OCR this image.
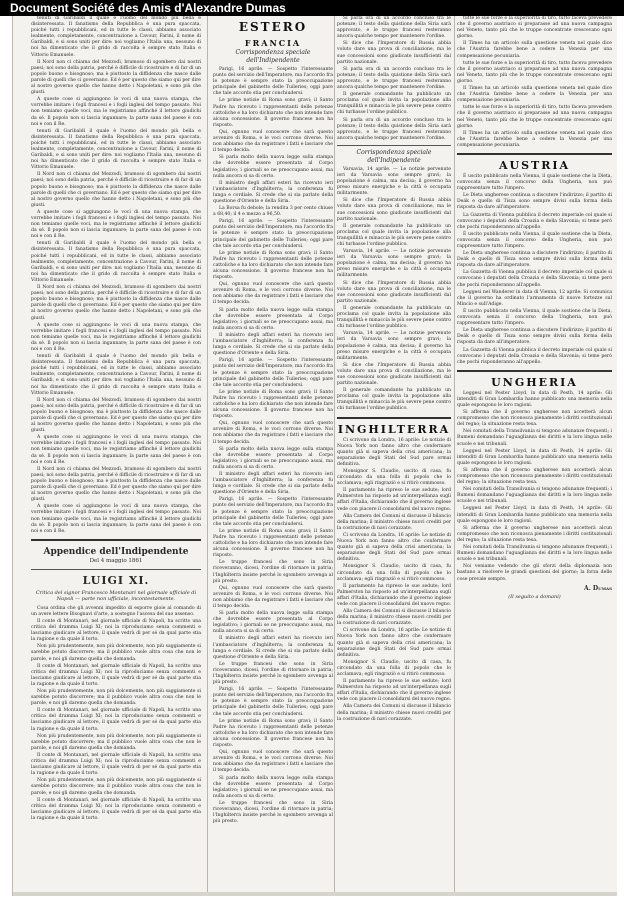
Document Société des Amis d'Alexandre Dumas

tenuti di Garibaldi il quale è l'uomo del mondo più bella e disinteressata. Il fanatismo della Repubblica è una pura spaccata, poiché tutti i repubblicani, ed in tutte le classi, abbiamo associato lealmente, completamente, concentrazione a Cavour, Farini, il nome di Garibaldi, e si sono uniti per dire: noi vogliamo l'Italia una, nessuno di noi ha dimenticato che il grido di raccolta è sempre stato Italia e Vittorio Emanuele.

Il Nord non ci chiama del Mezzodì, bramoso di sgombero dai nostri paesi; noi sono della patria, perché è difficile di ricostruire e di far di un popolo buono e bisognoso; ma è piuttosto la diffidenza che nasce dalle parole di quelli che ci governano. Ed è per questo che siamo qui per dire al nostro governo quello che hanno detto i Napoletani, e sono più che giusti.

A queste cose si aggiungono le voci di una nuova stampa, che vorrebbe imitare i fogli francesi e i fogli inglesi del tempo passato. Noi non temiamo quelle voci, ma le registriamo affinché il lettore giudichi da sé. Il popolo non si lascia ingannare; la parte sana del paese è con noi e con il Re.

tenuti di Garibaldi il quale è l'uomo del mondo più bella e disinteressata. Il fanatismo della Repubblica è una pura spaccata, poiché tutti i repubblicani, ed in tutte le classi, abbiamo associato lealmente, completamente, concentrazione a Cavour, Farini, il nome di Garibaldi, e si sono uniti per dire: noi vogliamo l'Italia una, nessuno di noi ha dimenticato che il grido di raccolta è sempre stato Italia e Vittorio Emanuele.

Il Nord non ci chiama del Mezzodì, bramoso di sgombero dai nostri paesi; noi sono della patria, perché è difficile di ricostruire e di far di un popolo buono e bisognoso; ma è piuttosto la diffidenza che nasce dalle parole di quelli che ci governano. Ed è per questo che siamo qui per dire al nostro governo quello che hanno detto i Napoletani, e sono più che giusti.

A queste cose si aggiungono le voci di una nuova stampa, che vorrebbe imitare i fogli francesi e i fogli inglesi del tempo passato. Noi non temiamo quelle voci, ma le registriamo affinché il lettore giudichi da sé. Il popolo non si lascia ingannare; la parte sana del paese è con noi e con il Re.

tenuti di Garibaldi il quale è l'uomo del mondo più bella e disinteressata. Il fanatismo della Repubblica è una pura spaccata, poiché tutti i repubblicani, ed in tutte le classi, abbiamo associato lealmente, completamente, concentrazione a Cavour, Farini, il nome di Garibaldi, e si sono uniti per dire: noi vogliamo l'Italia una, nessuno di noi ha dimenticato che il grido di raccolta è sempre stato Italia e Vittorio Emanuele.

Il Nord non ci chiama del Mezzodì, bramoso di sgombero dai nostri paesi; noi sono della patria, perché è difficile di ricostruire e di far di un popolo buono e bisognoso; ma è piuttosto la diffidenza che nasce dalle parole di quelli che ci governano. Ed è per questo che siamo qui per dire al nostro governo quello che hanno detto i Napoletani, e sono più che giusti.

A queste cose si aggiungono le voci di una nuova stampa, che vorrebbe imitare i fogli francesi e i fogli inglesi del tempo passato. Noi non temiamo quelle voci, ma le registriamo affinché il lettore giudichi da sé. Il popolo non si lascia ingannare; la parte sana del paese è con noi e con il Re.

tenuti di Garibaldi il quale è l'uomo del mondo più bella e disinteressata. Il fanatismo della Repubblica è una pura spaccata, poiché tutti i repubblicani, ed in tutte le classi, abbiamo associato lealmente, completamente, concentrazione a Cavour, Farini, il nome di Garibaldi, e si sono uniti per dire: noi vogliamo l'Italia una, nessuno di noi ha dimenticato che il grido di raccolta è sempre stato Italia e Vittorio Emanuele.

Il Nord non ci chiama del Mezzodì, bramoso di sgombero dai nostri paesi; noi sono della patria, perché è difficile di ricostruire e di far di un popolo buono e bisognoso; ma è piuttosto la diffidenza che nasce dalle parole di quelli che ci governano. Ed è per questo che siamo qui per dire al nostro governo quello che hanno detto i Napoletani, e sono più che giusti.

A queste cose si aggiungono le voci di una nuova stampa, che vorrebbe imitare i fogli francesi e i fogli inglesi del tempo passato. Noi non temiamo quelle voci, ma le registriamo affinché il lettore giudichi da sé. Il popolo non si lascia ingannare; la parte sana del paese è con noi e con il Re.

Il Nord non ci chiama del Mezzodì, bramoso di sgombero dai nostri paesi; noi sono della patria, perché è difficile di ricostruire e di far di un popolo buono e bisognoso; ma è piuttosto la diffidenza che nasce dalle parole di quelli che ci governano. Ed è per questo che siamo qui per dire al nostro governo quello che hanno detto i Napoletani, e sono più che giusti.

A queste cose si aggiungono le voci di una nuova stampa, che vorrebbe imitare i fogli francesi e i fogli inglesi del tempo passato. Noi non temiamo quelle voci, ma le registriamo affinché il lettore giudichi da sé. Il popolo non si lascia ingannare; la parte sana del paese è con noi e con il Re.

Appendice dell'Indipendente
Del 4 maggio 1861
LUIGI XI.
Critica del signor Francesco Montanari nel giornale ufficiale di Napoli — parte non ufficiale, incontestamente.

Cosa ordina che gli avvenni impedito di esporre gioie al comando di un avere lettere Bisognavi d'arte, a sostegno l'ascesa del suo assenso.

Il conte di Montanari, nel giornale ufficiale di Napoli, ha scritto una critica del dramma Luigi XI; noi la riproduciamo senza commenti e lasciamo giudicare al lettore, il quale vedrà di per sé da qual parte stia la ragione e da quale il torto.

Non più prudentemente, non più dolcemente, non più saggiamente si sarebbe potuto discorrere; ma il pubblico vuole altra cosa che non le parole, e noi gli daremo quella che domanda.

Il conte di Montanari, nel giornale ufficiale di Napoli, ha scritto una critica del dramma Luigi XI; noi la riproduciamo senza commenti e lasciamo giudicare al lettore, il quale vedrà di per sé da qual parte stia la ragione e da quale il torto.

Non più prudentemente, non più dolcemente, non più saggiamente si sarebbe potuto discorrere; ma il pubblico vuole altra cosa che non le parole, e noi gli daremo quella che domanda.

Il conte di Montanari, nel giornale ufficiale di Napoli, ha scritto una critica del dramma Luigi XI; noi la riproduciamo senza commenti e lasciamo giudicare al lettore, il quale vedrà di per sé da qual parte stia la ragione e da quale il torto.

Non più prudentemente, non più dolcemente, non più saggiamente si sarebbe potuto discorrere; ma il pubblico vuole altra cosa che non le parole, e noi gli daremo quella che domanda.

Il conte di Montanari, nel giornale ufficiale di Napoli, ha scritto una critica del dramma Luigi XI; noi la riproduciamo senza commenti e lasciamo giudicare al lettore, il quale vedrà di per sé da qual parte stia la ragione e da quale il torto.

Non più prudentemente, non più dolcemente, non più saggiamente si sarebbe potuto discorrere; ma il pubblico vuole altra cosa che non le parole, e noi gli daremo quella che domanda.

Il conte di Montanari, nel giornale ufficiale di Napoli, ha scritto una critica del dramma Luigi XI; noi la riproduciamo senza commenti e lasciamo giudicare al lettore, il quale vedrà di per sé da qual parte stia la ragione e da quale il torto.

ESTERO
FRANCIA
Corrispondenza speciale dell'Indipendente

Parigi, 16 aprile. — Sospetto l'interessante punto del servizio dell'Imperatore, ma l'accordo fra le potenze è sempre stato la preoccupazione principale del gabinetto delle Tuileries; oggi pare che tale accordo stia per conchiudersi.

Le prime notizie di Roma sono gravi; il Santo Padre ha ricevuto i rappresentanti delle potenze cattoliche e ha loro dichiarato che non intende fare alcuna concessione. Il governo francese non ha risposto.

Qui, ognuno vuol conoscere che sarà questo avvenire di Roma, e le voci corrono diverse. Noi non abbiamo che da registrare i fatti e lasciare che il tempo decida.

Si parla molto della nuova legge sulla stampa che dovrebbe essere presentata al Corpo legislativo; i giornali se ne preoccupano assai, ma nulla ancora si sa di certo.

Il ministro degli affari esteri ha ricevuto ieri l'ambasciatore d'Inghilterra; la conferenza fu lunga e cordiale. Si crede che si sia parlato della questione d'Oriente e della Siria.

La Borsa fu debole; la rendita 3 per cento chiuse a 68,40; il 4 e mezzo a 96,50.

Parigi, 16 aprile. — Sospetto l'interessante punto del servizio dell'Imperatore, ma l'accordo fra le potenze è sempre stato la preoccupazione principale del gabinetto delle Tuileries; oggi pare che tale accordo stia per conchiudersi.

Le prime notizie di Roma sono gravi; il Santo Padre ha ricevuto i rappresentanti delle potenze cattoliche e ha loro dichiarato che non intende fare alcuna concessione. Il governo francese non ha risposto.

Qui, ognuno vuol conoscere che sarà questo avvenire di Roma, e le voci corrono diverse. Noi non abbiamo che da registrare i fatti e lasciare che il tempo decida.

Si parla molto della nuova legge sulla stampa che dovrebbe essere presentata al Corpo legislativo; i giornali se ne preoccupano assai, ma nulla ancora si sa di certo.

Il ministro degli affari esteri ha ricevuto ieri l'ambasciatore d'Inghilterra; la conferenza fu lunga e cordiale. Si crede che si sia parlato della questione d'Oriente e della Siria.

Parigi, 16 aprile. — Sospetto l'interessante punto del servizio dell'Imperatore, ma l'accordo fra le potenze è sempre stato la preoccupazione principale del gabinetto delle Tuileries; oggi pare che tale accordo stia per conchiudersi.

Le prime notizie di Roma sono gravi; il Santo Padre ha ricevuto i rappresentanti delle potenze cattoliche e ha loro dichiarato che non intende fare alcuna concessione. Il governo francese non ha risposto.

Qui, ognuno vuol conoscere che sarà questo avvenire di Roma, e le voci corrono diverse. Noi non abbiamo che da registrare i fatti e lasciare che il tempo decida.

Si parla molto della nuova legge sulla stampa che dovrebbe essere presentata al Corpo legislativo; i giornali se ne preoccupano assai, ma nulla ancora si sa di certo.

Il ministro degli affari esteri ha ricevuto ieri l'ambasciatore d'Inghilterra; la conferenza fu lunga e cordiale. Si crede che si sia parlato della questione d'Oriente e della Siria.

Parigi, 16 aprile. — Sospetto l'interessante punto del servizio dell'Imperatore, ma l'accordo fra le potenze è sempre stato la preoccupazione principale del gabinetto delle Tuileries; oggi pare che tale accordo stia per conchiudersi.

Le prime notizie di Roma sono gravi; il Santo Padre ha ricevuto i rappresentanti delle potenze cattoliche e ha loro dichiarato che non intende fare alcuna concessione. Il governo francese non ha risposto.

Le truppe francesi che sono in Siria riceveranno, dicesi, l'ordine di ritornare in patria; l'Inghilterra insiste perché lo sgombero avvenga al più presto.

Qui, ognuno vuol conoscere che sarà questo avvenire di Roma, e le voci corrono diverse. Noi non abbiamo che da registrare i fatti e lasciare che il tempo decida.

Si parla molto della nuova legge sulla stampa che dovrebbe essere presentata al Corpo legislativo; i giornali se ne preoccupano assai, ma nulla ancora si sa di certo.

Il ministro degli affari esteri ha ricevuto ieri l'ambasciatore d'Inghilterra; la conferenza fu lunga e cordiale. Si crede che si sia parlato della questione d'Oriente e della Siria.

Le truppe francesi che sono in Siria riceveranno, dicesi, l'ordine di ritornare in patria; l'Inghilterra insiste perché lo sgombero avvenga al più presto.

Parigi, 16 aprile. — Sospetto l'interessante punto del servizio dell'Imperatore, ma l'accordo fra le potenze è sempre stato la preoccupazione principale del gabinetto delle Tuileries; oggi pare che tale accordo stia per conchiudersi.

Le prime notizie di Roma sono gravi; il Santo Padre ha ricevuto i rappresentanti delle potenze cattoliche e ha loro dichiarato che non intende fare alcuna concessione. Il governo francese non ha risposto.

Qui, ognuno vuol conoscere che sarà questo avvenire di Roma, e le voci corrono diverse. Noi non abbiamo che da registrare i fatti e lasciare che il tempo decida.

Si parla molto della nuova legge sulla stampa che dovrebbe essere presentata al Corpo legislativo; i giornali se ne preoccupano assai, ma nulla ancora si sa di certo.

Le truppe francesi che sono in Siria riceveranno, dicesi, l'ordine di ritornare in patria; l'Inghilterra insiste perché lo sgombero avvenga al più presto.

Si parla ora di un accordo concluso tra le potenze; il testo della quistione della Siria sarà approvato, e le truppe francesi resteranno ancora qualche tempo per mantenere l'ordine.

Si dice che l'Imperatore di Russia abbia voluto dare una prova di conciliazione, ma le sue concessioni sono giudicate insufficienti dal partito nazionale.

Si parla ora di un accordo concluso tra le potenze; il testo della quistione della Siria sarà approvato, e le truppe francesi resteranno ancora qualche tempo per mantenere l'ordine.

Il generale comandante ha pubblicato un proclama col quale invita la popolazione alla tranquillità e minaccia le più severe pene contro chi turbasse l'ordine pubblico.

Si parla ora di un accordo concluso tra le potenze; il testo della quistione della Siria sarà approvato, e le truppe francesi resteranno ancora qualche tempo per mantenere l'ordine.

Corrispondenza speciale dell'Indipendente

Varsavia, 14 aprile. — Le notizie pervenute ieri da Varsavia sono sempre gravi; la popolazione è calma, ma decisa; il governo ha preso misure energiche e la città è occupata militarmente.

Si dice che l'Imperatore di Russia abbia voluto dare una prova di conciliazione, ma le sue concessioni sono giudicate insufficienti dal partito nazionale.

Il generale comandante ha pubblicato un proclama col quale invita la popolazione alla tranquillità e minaccia le più severe pene contro chi turbasse l'ordine pubblico.

Varsavia, 14 aprile. — Le notizie pervenute ieri da Varsavia sono sempre gravi; la popolazione è calma, ma decisa; il governo ha preso misure energiche e la città è occupata militarmente.

Si dice che l'Imperatore di Russia abbia voluto dare una prova di conciliazione, ma le sue concessioni sono giudicate insufficienti dal partito nazionale.

Il generale comandante ha pubblicato un proclama col quale invita la popolazione alla tranquillità e minaccia le più severe pene contro chi turbasse l'ordine pubblico.

Varsavia, 14 aprile. — Le notizie pervenute ieri da Varsavia sono sempre gravi; la popolazione è calma, ma decisa; il governo ha preso misure energiche e la città è occupata militarmente.

Si dice che l'Imperatore di Russia abbia voluto dare una prova di conciliazione, ma le sue concessioni sono giudicate insufficienti dal partito nazionale.

Il generale comandante ha pubblicato un proclama col quale invita la popolazione alla tranquillità e minaccia le più severe pene contro chi turbasse l'ordine pubblico.

INGHILTERRA

Ci scrivono da Londra, 16 aprile: Le notizie di Nuova York non fanno altro che confermare quanto già si sapeva della crisi americana; la separazione degli Stati del Sud pare ormai definitiva.

Monsignor S. Claudio, uscito di casa, fu circondato da una folla di popolo che lo acclamava; egli ringraziò e si ritirò commosso.

Il parlamento ha ripreso le sue sedute; lord Palmerston ha risposto ad un'interpellanza sugli affari d'Italia, dichiarando che il governo inglese vede con piacere il consolidarsi del nuovo regno.

Alla Camera dei Comuni si discusse il bilancio della marina; il ministro chiese nuovi crediti per la costruzione di navi corazzate.

Ci scrivono da Londra, 16 aprile: Le notizie di Nuova York non fanno altro che confermare quanto già si sapeva della crisi americana; la separazione degli Stati del Sud pare ormai definitiva.

Monsignor S. Claudio, uscito di casa, fu circondato da una folla di popolo che lo acclamava; egli ringraziò e si ritirò commosso.

Il parlamento ha ripreso le sue sedute; lord Palmerston ha risposto ad un'interpellanza sugli affari d'Italia, dichiarando che il governo inglese vede con piacere il consolidarsi del nuovo regno.

Alla Camera dei Comuni si discusse il bilancio della marina; il ministro chiese nuovi crediti per la costruzione di navi corazzate.

Ci scrivono da Londra, 16 aprile: Le notizie di Nuova York non fanno altro che confermare quanto già si sapeva della crisi americana; la separazione degli Stati del Sud pare ormai definitiva.

Monsignor S. Claudio, uscito di casa, fu circondato da una folla di popolo che lo acclamava; egli ringraziò e si ritirò commosso.

Il parlamento ha ripreso le sue sedute; lord Palmerston ha risposto ad un'interpellanza sugli affari d'Italia, dichiarando che il governo inglese vede con piacere il consolidarsi del nuovo regno.

Alla Camera dei Comuni si discusse il bilancio della marina; il ministro chiese nuovi crediti per la costruzione di navi corazzate.

tutte le sue forze e la superiorità di tiro, tutto faceva prevedere che il governo austriaco si preparasse ad una nuova campagna nel Veneto, tanto più che le truppe concentrate crescevano ogni giorno.

Il Times ha un articolo sulla questione veneta nel quale dice che l'Austria farebbe bene a cedere la Venezia per una compensazione pecuniaria.

tutte le sue forze e la superiorità di tiro, tutto faceva prevedere che il governo austriaco si preparasse ad una nuova campagna nel Veneto, tanto più che le truppe concentrate crescevano ogni giorno.

Il Times ha un articolo sulla questione veneta nel quale dice che l'Austria farebbe bene a cedere la Venezia per una compensazione pecuniaria.

tutte le sue forze e la superiorità di tiro, tutto faceva prevedere che il governo austriaco si preparasse ad una nuova campagna nel Veneto, tanto più che le truppe concentrate crescevano ogni giorno.

Il Times ha un articolo sulla questione veneta nel quale dice che l'Austria farebbe bene a cedere la Venezia per una compensazione pecuniaria.

AUSTRIA

È uscito pubblicato nella Vienna, il quale sostiene che la Dieta, convocata senza il concorso della Ungheria, non può rappresentare tutto l'impero.

Le Dieta ungherese continua a discutere l'indirizzo; il partito di Deák e quello di Tisza sono sempre divisi sulla forma della risposta da dare all'imperatore.

La Gazzetta di Vienna pubblica il decreto imperiale col quale si convocano i deputati della Croazia e della Slavonia; si teme però che pochi risponderanno all'appello.

È uscito pubblicato nella Vienna, il quale sostiene che la Dieta, convocata senza il concorso della Ungheria, non può rappresentare tutto l'impero.

Le Dieta ungherese continua a discutere l'indirizzo; il partito di Deák e quello di Tisza sono sempre divisi sulla forma della risposta da dare all'imperatore.

La Gazzetta di Vienna pubblica il decreto imperiale col quale si convocano i deputati della Croazia e della Slavonia; si teme però che pochi risponderanno all'appello.

Leggesi nel Wanderer in data di Vienna, 12 aprile: Si comunica che il governo ha ordinato l'armamento di nuove fortezze sul Mincio e sull'Adige.

È uscito pubblicato nella Vienna, il quale sostiene che la Dieta, convocata senza il concorso della Ungheria, non può rappresentare tutto l'impero.

Le Dieta ungherese continua a discutere l'indirizzo; il partito di Deák e quello di Tisza sono sempre divisi sulla forma della risposta da dare all'imperatore.

La Gazzetta di Vienna pubblica il decreto imperiale col quale si convocano i deputati della Croazia e della Slavonia; si teme però che pochi risponderanno all'appello.

UNGHERIA

Leggesi nel Pester Lloyd, in data di Pesth, 14 aprile: Gli intenditi di Gran Lombardia hanno pubblicato una memoria nella quale espongono le loro ragioni.

Si afferma che il governo ungherese non accetterà alcun compromesso che non riconosca pienamente i diritti costituzionali del regno; la situazione resta tesa.

Nei comitati della Transilvania si tengono adunanze frequenti; i Rumeni domandano l'uguaglianza dei diritti e la loro lingua nelle scuole e nei tribunali.

Leggesi nel Pester Lloyd, in data di Pesth, 14 aprile: Gli intenditi di Gran Lombardia hanno pubblicato una memoria nella quale espongono le loro ragioni.

Si afferma che il governo ungherese non accetterà alcun compromesso che non riconosca pienamente i diritti costituzionali del regno; la situazione resta tesa.

Nei comitati della Transilvania si tengono adunanze frequenti; i Rumeni domandano l'uguaglianza dei diritti e la loro lingua nelle scuole e nei tribunali.

Leggesi nel Pester Lloyd, in data di Pesth, 14 aprile: Gli intenditi di Gran Lombardia hanno pubblicato una memoria nella quale espongono le loro ragioni.

Si afferma che il governo ungherese non accetterà alcun compromesso che non riconosca pienamente i diritti costituzionali del regno; la situazione resta tesa.

Nei comitati della Transilvania si tengono adunanze frequenti; i Rumeni domandano l'uguaglianza dei diritti e la loro lingua nelle scuole e nei tribunali.

Noi veniamo vedendo che gli sforzi della diplomazia non bastano a risolvere le grandi questioni del giorno; la forza delle cose prevale sempre.

A. Dumas
(Il seguito a domani)
